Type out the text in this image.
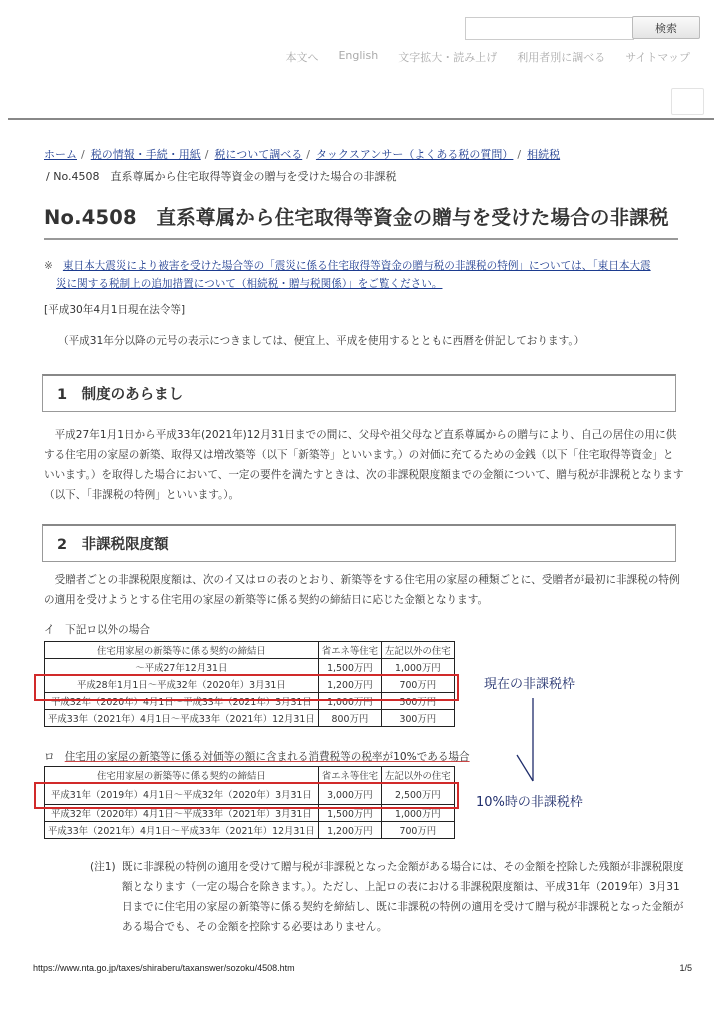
検索
本文へ English 文字拡大・読み上げ 利用者別に調べる サイトマップ
ホーム / 税の情報・手続・用紙 / 税について調べる / タックスアンサー（よくある税の質問） / 相続税
/ No.4508　直系尊属から住宅取得等資金の贈与を受けた場合の非課税
No.4508　直系尊属から住宅取得等資金の贈与を受けた場合の非課税
※ 東日本大震災により被害を受けた場合等の「震災に係る住宅取得等資金の贈与税の非課税の特例」については、「東日本大震
災に関する税制上の追加措置について（相続税・贈与税関係）」をご覧ください。
[平成30年4月1日現在法令等]
（平成31年分以降の元号の表示につきましては、便宜上、平成を使用するとともに西暦を併記しております。）
1　制度のあらまし
平成27年1月1日から平成33年(2021年)12月31日までの間に、父母や祖父母など直系尊属からの贈与により、自己の居住の用に供する住宅用の家屋の新築、取得又は増改築等（以下「新築等」といいます。）の対価に充てるための金銭（以下「住宅取得等資金」といいます。）を取得した場合において、一定の要件を満たすときは、次の非課税限度額までの金額について、贈与税が非課税となります（以下、「非課税の特例」といいます。）。
2　非課税限度額
受贈者ごとの非課税限度額は、次のイ又はロの表のとおり、新築等をする住宅用の家屋の種類ごとに、受贈者が最初に非課税の特例の適用を受けようとする住宅用の家屋の新築等に係る契約の締結日に応じた金額となります。
イ　下記ロ以外の場合
住宅用家屋の新築等に係る契約の締結日	省エネ等住宅	左記以外の住宅
～平成27年12月31日	1,500万円	1,000万円
平成28年1月1日～平成32年（2020年）3月31日	1,200万円	700万円
平成32年（2020年）4月1日～平成33年（2021年）3月31日	1,000万円	500万円
平成33年（2021年）4月1日～平成33年（2021年）12月31日	800万円	300万円
ロ 住宅用の家屋の新築等に係る対価等の額に含まれる消費税等の税率が10%である場合
住宅用家屋の新築等に係る契約の締結日	省エネ等住宅	左記以外の住宅
平成31年（2019年）4月1日～平成32年（2020年）3月31日	3,000万円	2,500万円
平成32年（2020年）4月1日～平成33年（2021年）3月31日	1,500万円	1,000万円
平成33年（2021年）4月1日～平成33年（2021年）12月31日	1,200万円	700万円
現在の非課税枠
10%時の非課税枠
(注1) 既に非課税の特例の適用を受けて贈与税が非課税となった金額がある場合には、その金額を控除した残額が非課税限度額となります（一定の場合を除きます。）。ただし、上記ロの表における非課税限度額は、平成31年（2019年）3月31日までに住宅用の家屋の新築等に係る契約を締結し、既に非課税の特例の適用を受けて贈与税が非課税となった金額がある場合でも、その金額を控除する必要はありません。
https://www.nta.go.jp/taxes/shiraberu/taxanswer/sozoku/4508.htm	1/5
